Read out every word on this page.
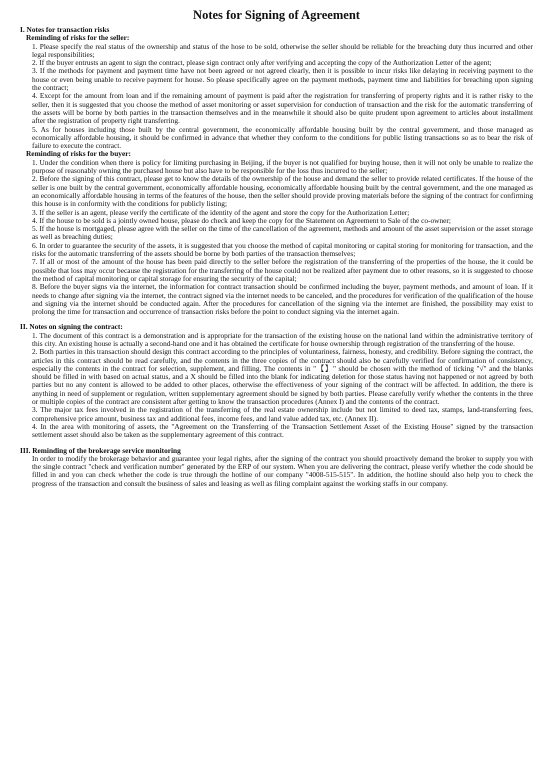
Notes for Signing of Agreement
I. Notes for transaction risks
Reminding of risks for the seller:

1. Please specify the real status of the ownership and status of the hose to be sold, otherwise the seller should be reliable for the breaching duty thus incurred and other legal responsibilities;

2. If the buyer entrusts an agent to sign the contract, please sign contract only after verifying and accepting the copy of the Authorization Letter of the agent;

3. If the methods for payment and payment time have not been agreed or not agreed clearly, then it is possible to incur risks like delaying in receiving payment to the house or even being unable to receive payment for house. So please specifically agree on the payment methods, payment time and liabilities for breaching upon signing the contract;

4. Except for the amount from loan and if the remaining amount of payment is paid after the registration for transferring of property rights and it is rather risky to the seller, then it is suggested that you choose the method of asset monitoring or asset supervision for conduction of transaction and the risk for the automatic transferring of the assets will be borne by both parties in the transaction themselves and in the meanwhile it should also be quite prudent upon agreement to articles about installment after the registration of property right transferring.

5. As for houses including those built by the central government, the economically affordable housing built by the central government, and those managed as economically affordable housing, it should be confirmed in advance that whether they conform to the conditions for public listing transactions so as to bear the risk of failure to execute the contract.

Reminding of risks for the buyer:

1. Under the condition when there is policy for limiting purchasing in Beijing, if the buyer is not qualified for buying house, then it will not only be unable to realize the purpose of reasonably owning the purchased house but also have to be responsible for the loss thus incurred to the seller;

2. Before the signing of this contract, please get to know the details of the ownership of the house and demand the seller to provide related certificates. If the house of the seller is one built by the central government, economically affordable housing, economically affordable housing built by the central government, and the one managed as an economically affordable housing in terms of the features of the house, then the seller should provide proving materials before the signing of the contract for confirming this house is in conformity with the conditions for publicly listing;

3. If the seller is an agent, please verify the certificate of the identity of the agent and store the copy for the Authorization Letter;

4. If the house to be sold is a jointly owned house, please do check and keep the copy for the Statement on Agreement to Sale of the co-owner;

5. If the house is mortgaged, please agree with the seller on the time of the cancellation of the agreement, methods and amount of the asset supervision or the asset storage as well as breaching duties;

6. In order to guarantee the security of the assets, it is suggested that you choose the method of capital monitoring or capital storing for monitoring for transaction, and the risks for the automatic transferring of the assets should be borne by both parties of the transaction themselves;

7. If all or most of the amount of the house has been paid directly to the seller before the registration of the transferring of the properties of the house, the it could be possible that loss may occur because the registration for the transferring of the house could not be realized after payment due to other reasons, so it is suggested to choose the method of capital monitoring or capital storage for ensuring the security of the capital;

8. Before the buyer signs via the internet, the information for contract transaction should be confirmed including the buyer, payment methods, and amount of loan. If it needs to change after signing via the internet, the contract signed via the internet needs to be canceled, and the procedures for verification of the qualification of the house and signing via the internet should be conducted again. After the procedures for cancellation of the signing via the internet are finished, the possibility may exist to prolong the time for transaction and occurrence of transaction risks before the point to conduct signing via the internet again.

II. Notes on signing the contract:

1. The document of this contract is a demonstration and is appropriate for the transaction of the existing house on the national land within the administrative territory of this city. An existing house is actually a second-hand one and it has obtained the certificate for house ownership through registration of the transferring of the house.

2. Both parties in this transaction should design this contract according to the principles of voluntariness, fairness, honesty, and credibility. Before signing the contract, the articles in this contract should be read carefully, and the contents in the three copies of the contract should also be carefully verified for confirmation of consistency, especially the contents in the contract for selection, supplement, and filling. The contents in "【】" should be chosen with the method of ticking "√" and the blanks should be filled in with based on actual status, and a X should be filled into the blank for indicating deletion for those status having not happened or not agreed by both parties but no any content is allowed to be added to other places, otherwise the effectiveness of your signing of the contract will be affected. In addition, the there is anything in need of supplement or regulation, written supplementary agreement should be signed by both parties. Please carefully verify whether the contents in the three or multiple copies of the contract are consistent after getting to know the transaction procedures (Annex I) and the contents of the contract.

3. The major tax fees involved in the registration of the transferring of the real estate ownership include but not limited to deed tax, stamps, land-transferring fees, comprehensive price amount, business tax and additional fees, income fees, and land value added tax, etc. (Annex II).

4. In the area with monitoring of assets, the "Agreement on the Transferring of the Transaction Settlement Asset of the Existing House" signed by the transaction settlement asset should also be taken as the supplementary agreement of this contract.

III. Reminding of the brokerage service monitoring

In order to modify the brokerage behavior and guarantee your legal rights, after the signing of the contract you should proactively demand the broker to supply you with the single contract "check and verification number" generated by the ERP of our system. When you are delivering the contract, please verify whether the code should be filled in and you can check whether the code is true through the hotline of our company "4008-515-515". In addition, the hotline should also help you to check the progress of the transaction and consult the business of sales and leasing as well as filing complaint against the working staffs in our company.
